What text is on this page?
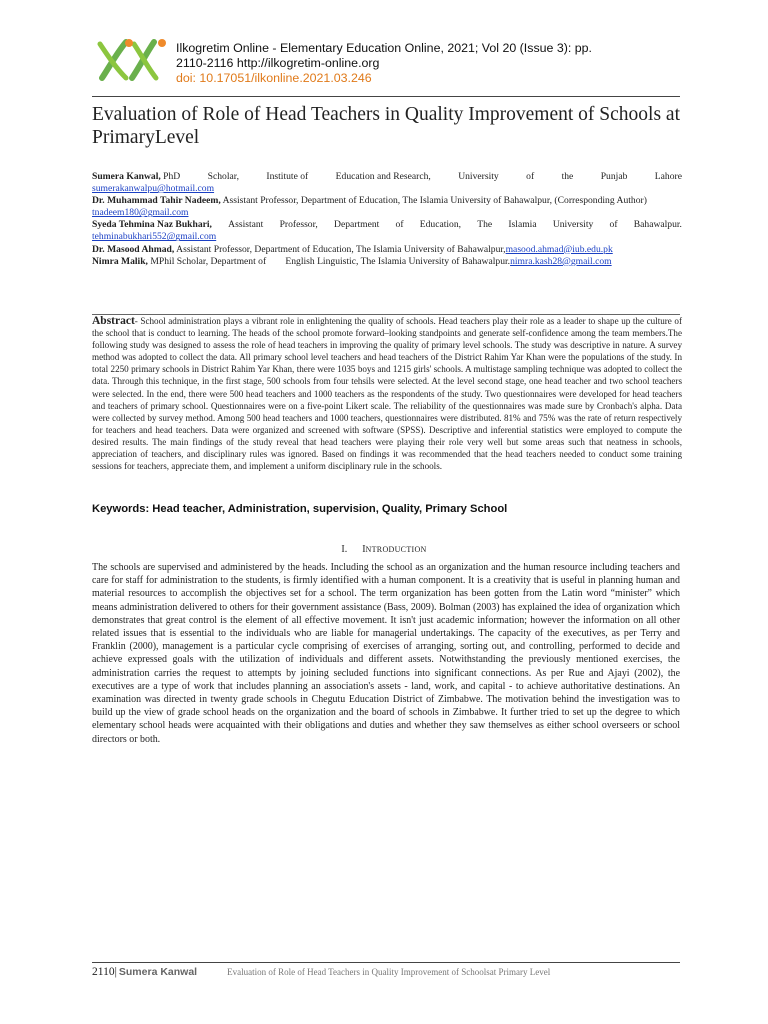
Ilkogretim Online - Elementary Education Online, 2021; Vol 20 (Issue 3): pp.
2110-2116 http://ilkogretim-online.org
doi: 10.17051/ilkonline.2021.03.246
Evaluation of Role of Head Teachers in Quality Improvement of Schools at PrimaryLevel
Sumera Kanwal, PhD	Scholar,	Institute of	Education and Research,	University	of	the	Punjab	Lahore
sumerakanwalpu@hotmail.com
Dr. Muhammad Tahir Nadeem, Assistant Professor, Department of Education, The Islamia University of Bahawalpur, (Corresponding Author)
tnadeem180@gmail.com
Syeda Tehmina Naz Bukhari, Assistant Professor, Department of Education, The Islamia University of Bahawalpur.
tehminabukhari552@gmail.com
Dr. Masood Ahmad, Assistant Professor, Department of Education, The Islamia University of Bahawalpur,masood.ahmad@iub.edu.pk
Nimra Malik, MPhil Scholar, Department of English Linguistic, The Islamia University of Bahawalpur.nimra.kash28@gmail.com
Abstract- School administration plays a vibrant role in enlightening the quality of schools. Head teachers play their role as a leader to shape up the culture of the school that is conduct to learning. The heads of the school promote forward–looking standpoints and generate self-confidence among the team members.The following study was designed to assess the role of head teachers in improving the quality of primary level schools. The study was descriptive in nature. A survey method was adopted to collect the data. All primary school level teachers and head teachers of the District Rahim Yar Khan were the populations of the study. In total 2250 primary schools in District Rahim Yar Khan, there were 1035 boys and 1215 girls' schools. A multistage sampling technique was adopted to collect the data. Through this technique, in the first stage, 500 schools from four tehsils were selected. At the level second stage, one head teacher and two school teachers were selected. In the end, there were 500 head teachers and 1000 teachers as the respondents of the study. Two questionnaires were developed for head teachers and teachers of primary school. Questionnaires were on a five-point Likert scale. The reliability of the questionnaires was made sure by Cronbach's alpha. Data were collected by survey method. Among 500 head teachers and 1000 teachers, questionnaires were distributed. 81% and 75% was the rate of return respectively for teachers and head teachers. Data were organized and screened with software (SPSS). Descriptive and inferential statistics were employed to compute the desired results. The main findings of the study reveal that head teachers were playing their role very well but some areas such that neatness in schools, appreciation of teachers, and disciplinary rules was ignored. Based on findings it was recommended that the head teachers needed to conduct some training sessions for teachers, appreciate them, and implement a uniform disciplinary rule in the schools.
Keywords: Head teacher, Administration, supervision, Quality, Primary School
I. INTRODUCTION
The schools are supervised and administered by the heads. Including the school as an organization and the human resource including teachers and care for staff for administration to the students, is firmly identified with a human component. It is a creativity that is useful in planning human and material resources to accomplish the objectives set for a school. The term organization has been gotten from the Latin word “minister” which means administration delivered to others for their government assistance (Bass, 2009). Bolman (2003) has explained the idea of organization which demonstrates that great control is the element of all effective movement. It isn't just academic information; however the information on all other related issues that is essential to the individuals who are liable for managerial undertakings. The capacity of the executives, as per Terry and Franklin (2000), management is a particular cycle comprising of exercises of arranging, sorting out, and controlling, performed to decide and achieve expressed goals with the utilization of individuals and different assets. Notwithstanding the previously mentioned exercises, the administration carries the request to attempts by joining secluded functions into significant connections. As per Rue and Ajayi (2002), the executives are a type of work that includes planning an association's assets - land, work, and capital - to achieve authoritative destinations. An examination was directed in twenty grade schools in Chegutu Education District of Zimbabwe. The motivation behind the investigation was to build up the view of grade school heads on the organization and the board of schools in Zimbabwe. It further tried to set up the degree to which elementary school heads were acquainted with their obligations and duties and whether they saw themselves as either school overseers or school directors or both.
2110| Sumera Kanwal	Evaluation of Role of Head Teachers in Quality Improvement of Schoolsat Primary Level
